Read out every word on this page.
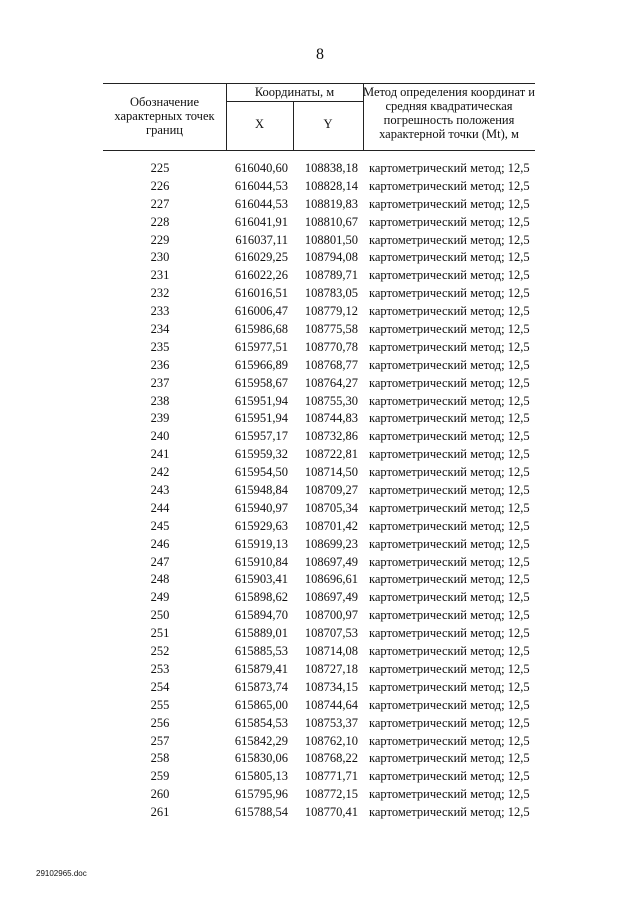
8
Обозначение характерных точек границ
Координаты, м
X	Y
Метод определения координат и средняя квадратическая погрешность положения характерной точки (Mt), м
225	616040,60	108838,18 картометрический метод; 12,5
226	616044,53	108828,14 картометрический метод; 12,5
227	616044,53	108819,83 картометрический метод; 12,5
228	616041,91	108810,67 картометрический метод; 12,5
229	616037,11	108801,50 картометрический метод; 12,5
230	616029,25	108794,08 картометрический метод; 12,5
231	616022,26	108789,71 картометрический метод; 12,5
232	616016,51	108783,05 картометрический метод; 12,5
233	616006,47	108779,12 картометрический метод; 12,5
234	615986,68	108775,58 картометрический метод; 12,5
235	615977,51	108770,78 картометрический метод; 12,5
236	615966,89	108768,77 картометрический метод; 12,5
237	615958,67	108764,27 картометрический метод; 12,5
238	615951,94	108755,30 картометрический метод; 12,5
239	615951,94	108744,83 картометрический метод; 12,5
240	615957,17	108732,86 картометрический метод; 12,5
241	615959,32	108722,81 картометрический метод; 12,5
242	615954,50	108714,50 картометрический метод; 12,5
243	615948,84	108709,27 картометрический метод; 12,5
244	615940,97	108705,34 картометрический метод; 12,5
245	615929,63	108701,42 картометрический метод; 12,5
246	615919,13	108699,23 картометрический метод; 12,5
247	615910,84	108697,49 картометрический метод; 12,5
248	615903,41	108696,61 картометрический метод; 12,5
249	615898,62	108697,49 картометрический метод; 12,5
250	615894,70	108700,97 картометрический метод; 12,5
251	615889,01	108707,53 картометрический метод; 12,5
252	615885,53	108714,08 картометрический метод; 12,5
253	615879,41	108727,18 картометрический метод; 12,5
254	615873,74	108734,15 картометрический метод; 12,5
255	615865,00	108744,64 картометрический метод; 12,5
256	615854,53	108753,37 картометрический метод; 12,5
257	615842,29	108762,10 картометрический метод; 12,5
258	615830,06	108768,22 картометрический метод; 12,5
259	615805,13	108771,71 картометрический метод; 12,5
260	615795,96	108772,15 картометрический метод; 12,5
261	615788,54	108770,41 картометрический метод; 12,5
29102965.doc
